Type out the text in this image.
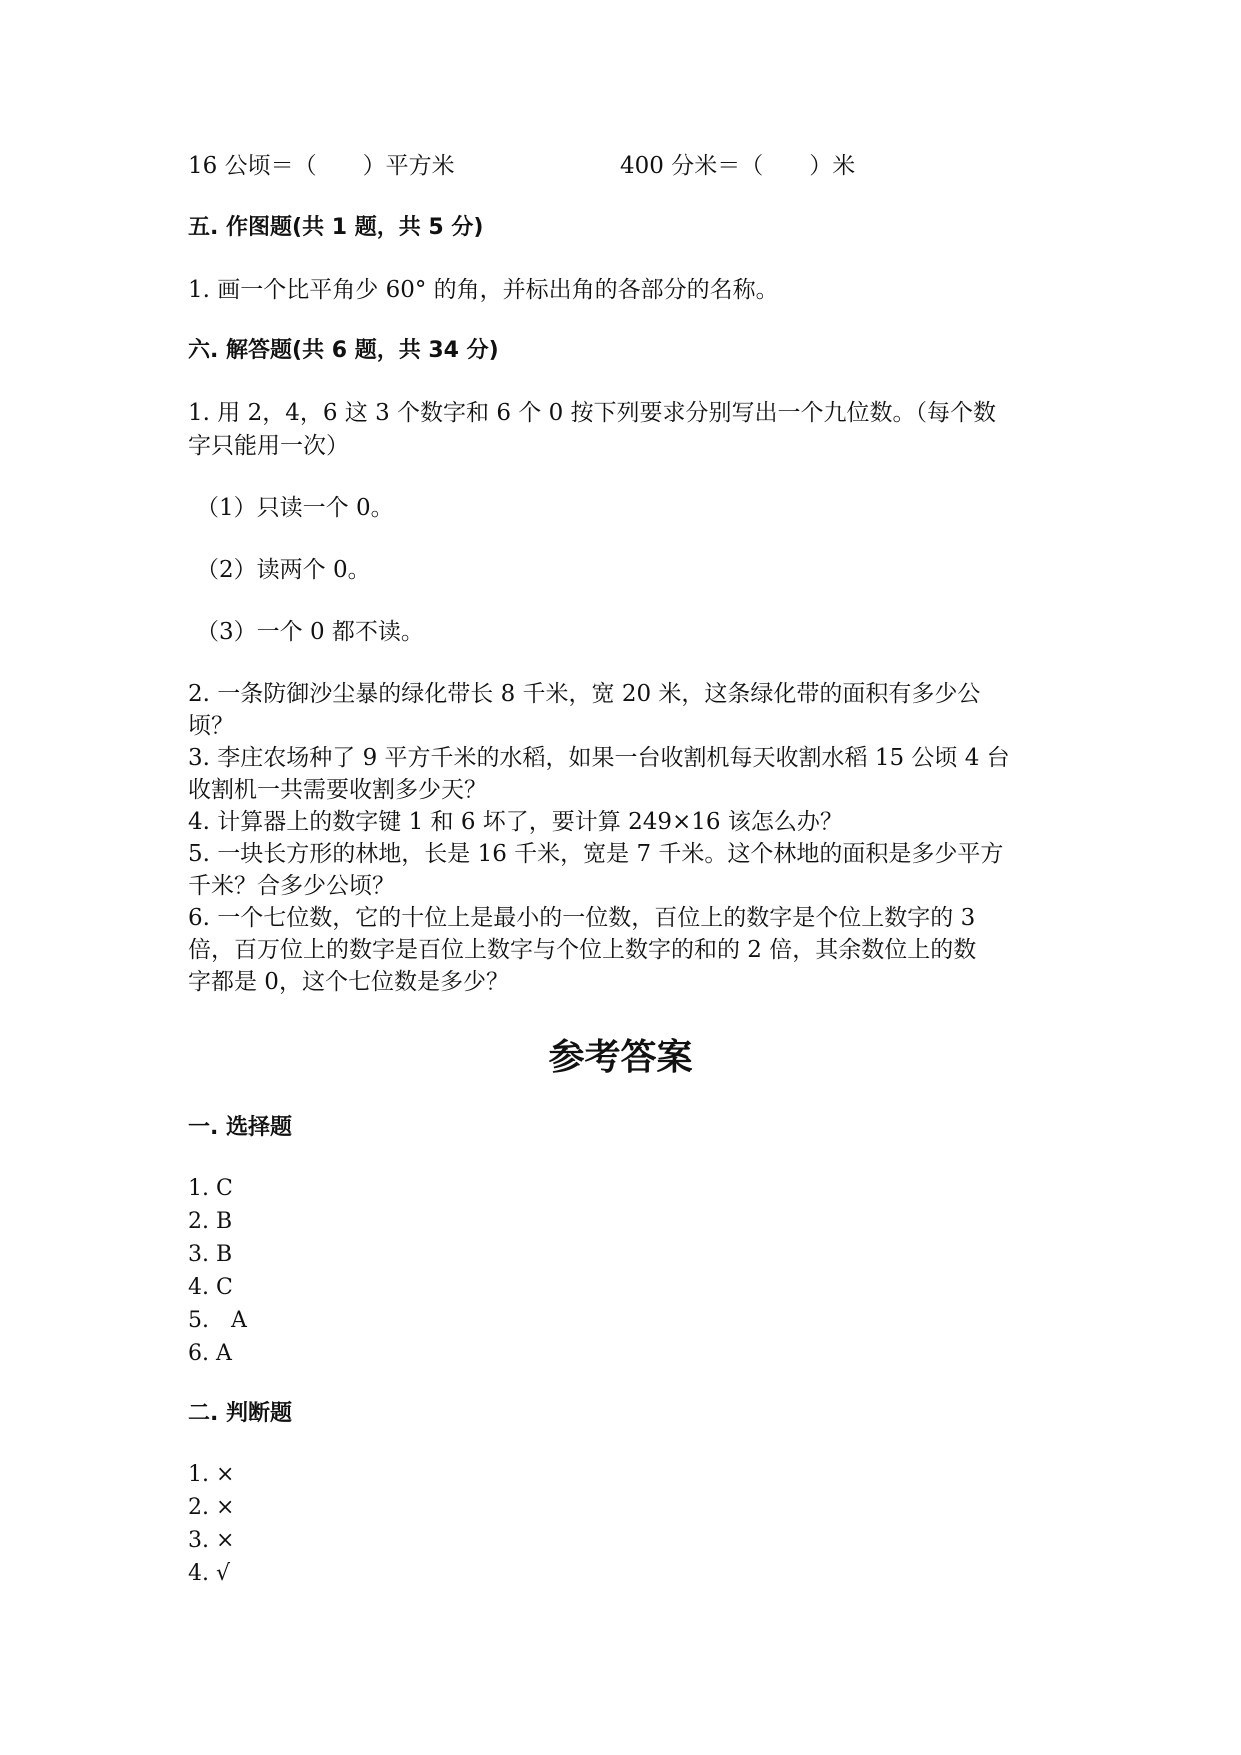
16 公顷＝（　　）平方米	400 分米＝（　　）米
五. 作图题(共 1 题，共 5 分)
1. 画一个比平角少 60° 的角，并标出角的各部分的名称。
六. 解答题(共 6 题，共 34 分)
1. 用 2，4，6 这 3 个数字和 6 个 0 按下列要求分别写出一个九位数。（每个数
字只能用一次）
（1）只读一个 0。
（2）读两个 0。
（3）一个 0 都不读。
2. 一条防御沙尘暴的绿化带长 8 千米，宽 20 米，这条绿化带的面积有多少公
顷？
3. 李庄农场种了 9 平方千米的水稻，如果一台收割机每天收割水稻 15 公顷 4 台
收割机一共需要收割多少天？
4. 计算器上的数字键 1 和 6 坏了，要计算 249×16 该怎么办？
5. 一块长方形的林地，长是 16 千米，宽是 7 千米。这个林地的面积是多少平方
千米？合多少公顷？
6. 一个七位数，它的十位上是最小的一位数，百位上的数字是个位上数字的 3
倍，百万位上的数字是百位上数字与个位上数字的和的 2 倍，其余数位上的数
字都是 0，这个七位数是多少？
参考答案
一. 选择题
1. C
2. B
3. B
4. C
5.　A
6. A
二. 判断题
1. ×
2. ×
3. ×
4. √
